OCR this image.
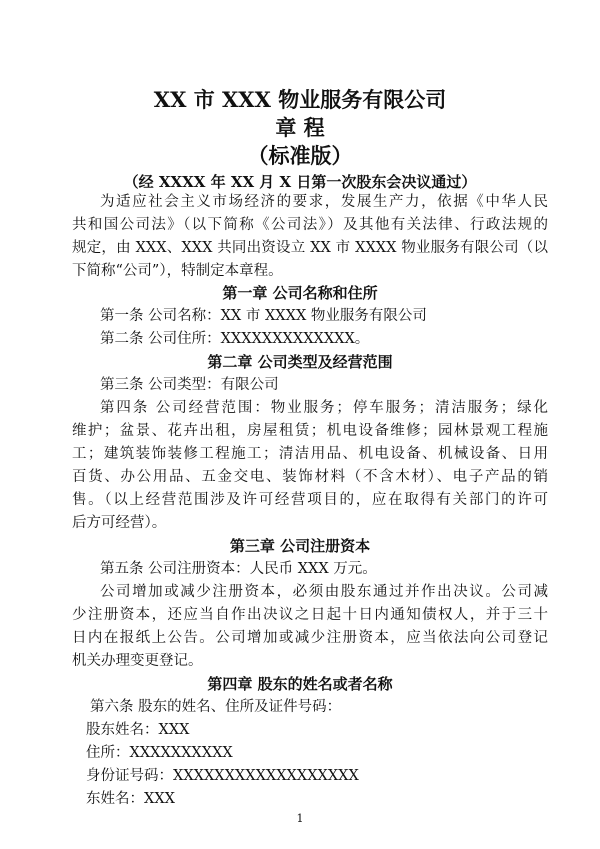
XX 市 XXX 物业服务有限公司
章 程
（标准版）
（经 XXXX 年 XX 月 X 日第一次股东会决议通过）
为适应社会主义市场经济的要求，发展生产力，依据《中华人民
共和国公司法》（以下简称《公司法》）及其他有关法律、行政法规的
规定，由 XXX、XXX 共同出资设立 XX 市 XXXX 物业服务有限公司（以
下简称“公司”），特制定本章程。
第一章 公司名称和住所
第一条 公司名称：XX 市 XXXX 物业服务有限公司
第二条 公司住所：XXXXXXXXXXXXX。
第二章 公司类型及经营范围
第三条 公司类型：有限公司
第四条 公司经营范围：物业服务；停车服务；清洁服务；绿化
维护；盆景、花卉出租，房屋租赁；机电设备维修；园林景观工程施
工；建筑装饰装修工程施工；清洁用品、机电设备、机械设备、日用
百货、办公用品、五金交电、装饰材料（不含木材）、电子产品的销
售。（以上经营范围涉及许可经营项目的，应在取得有关部门的许可
后方可经营）。
第三章 公司注册资本
第五条 公司注册资本：人民币 XXX 万元。
公司增加或减少注册资本，必须由股东通过并作出决议。公司减
少注册资本，还应当自作出决议之日起十日内通知债权人，并于三十
日内在报纸上公告。公司增加或减少注册资本，应当依法向公司登记
机关办理变更登记。
第四章 股东的姓名或者名称
第六条 股东的姓名、住所及证件号码：
股东姓名：XXX
住所：XXXXXXXXXX
身份证号码：XXXXXXXXXXXXXXXXXX
东姓名：XXX
1
